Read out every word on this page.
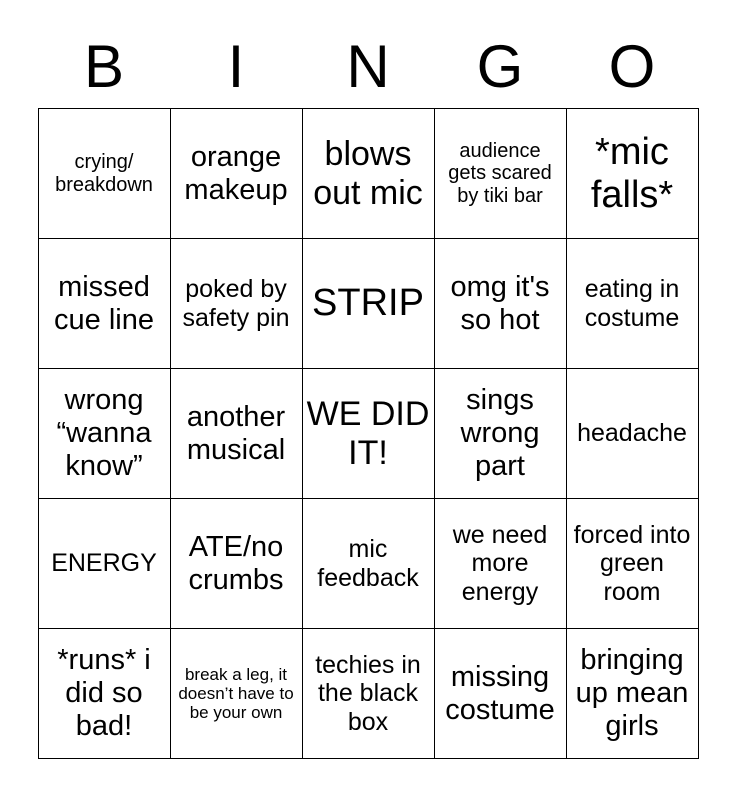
B	I	N	G	O
crying/ breakdown	orange makeup	blows out mic	audience gets scared by tiki bar	*mic falls*
missed cue line	poked by safety pin	STRIP	omg it's so hot	eating in costume
wrong “wanna know”	another musical	WE DID IT!	sings wrong part	headache
ENERGY	ATE/no crumbs	mic feedback	we need more energy	forced into green room
*runs* i did so bad!	break a leg, it doesn’t have to be your own	techies in the black box	missing costume	bringing up mean girls
